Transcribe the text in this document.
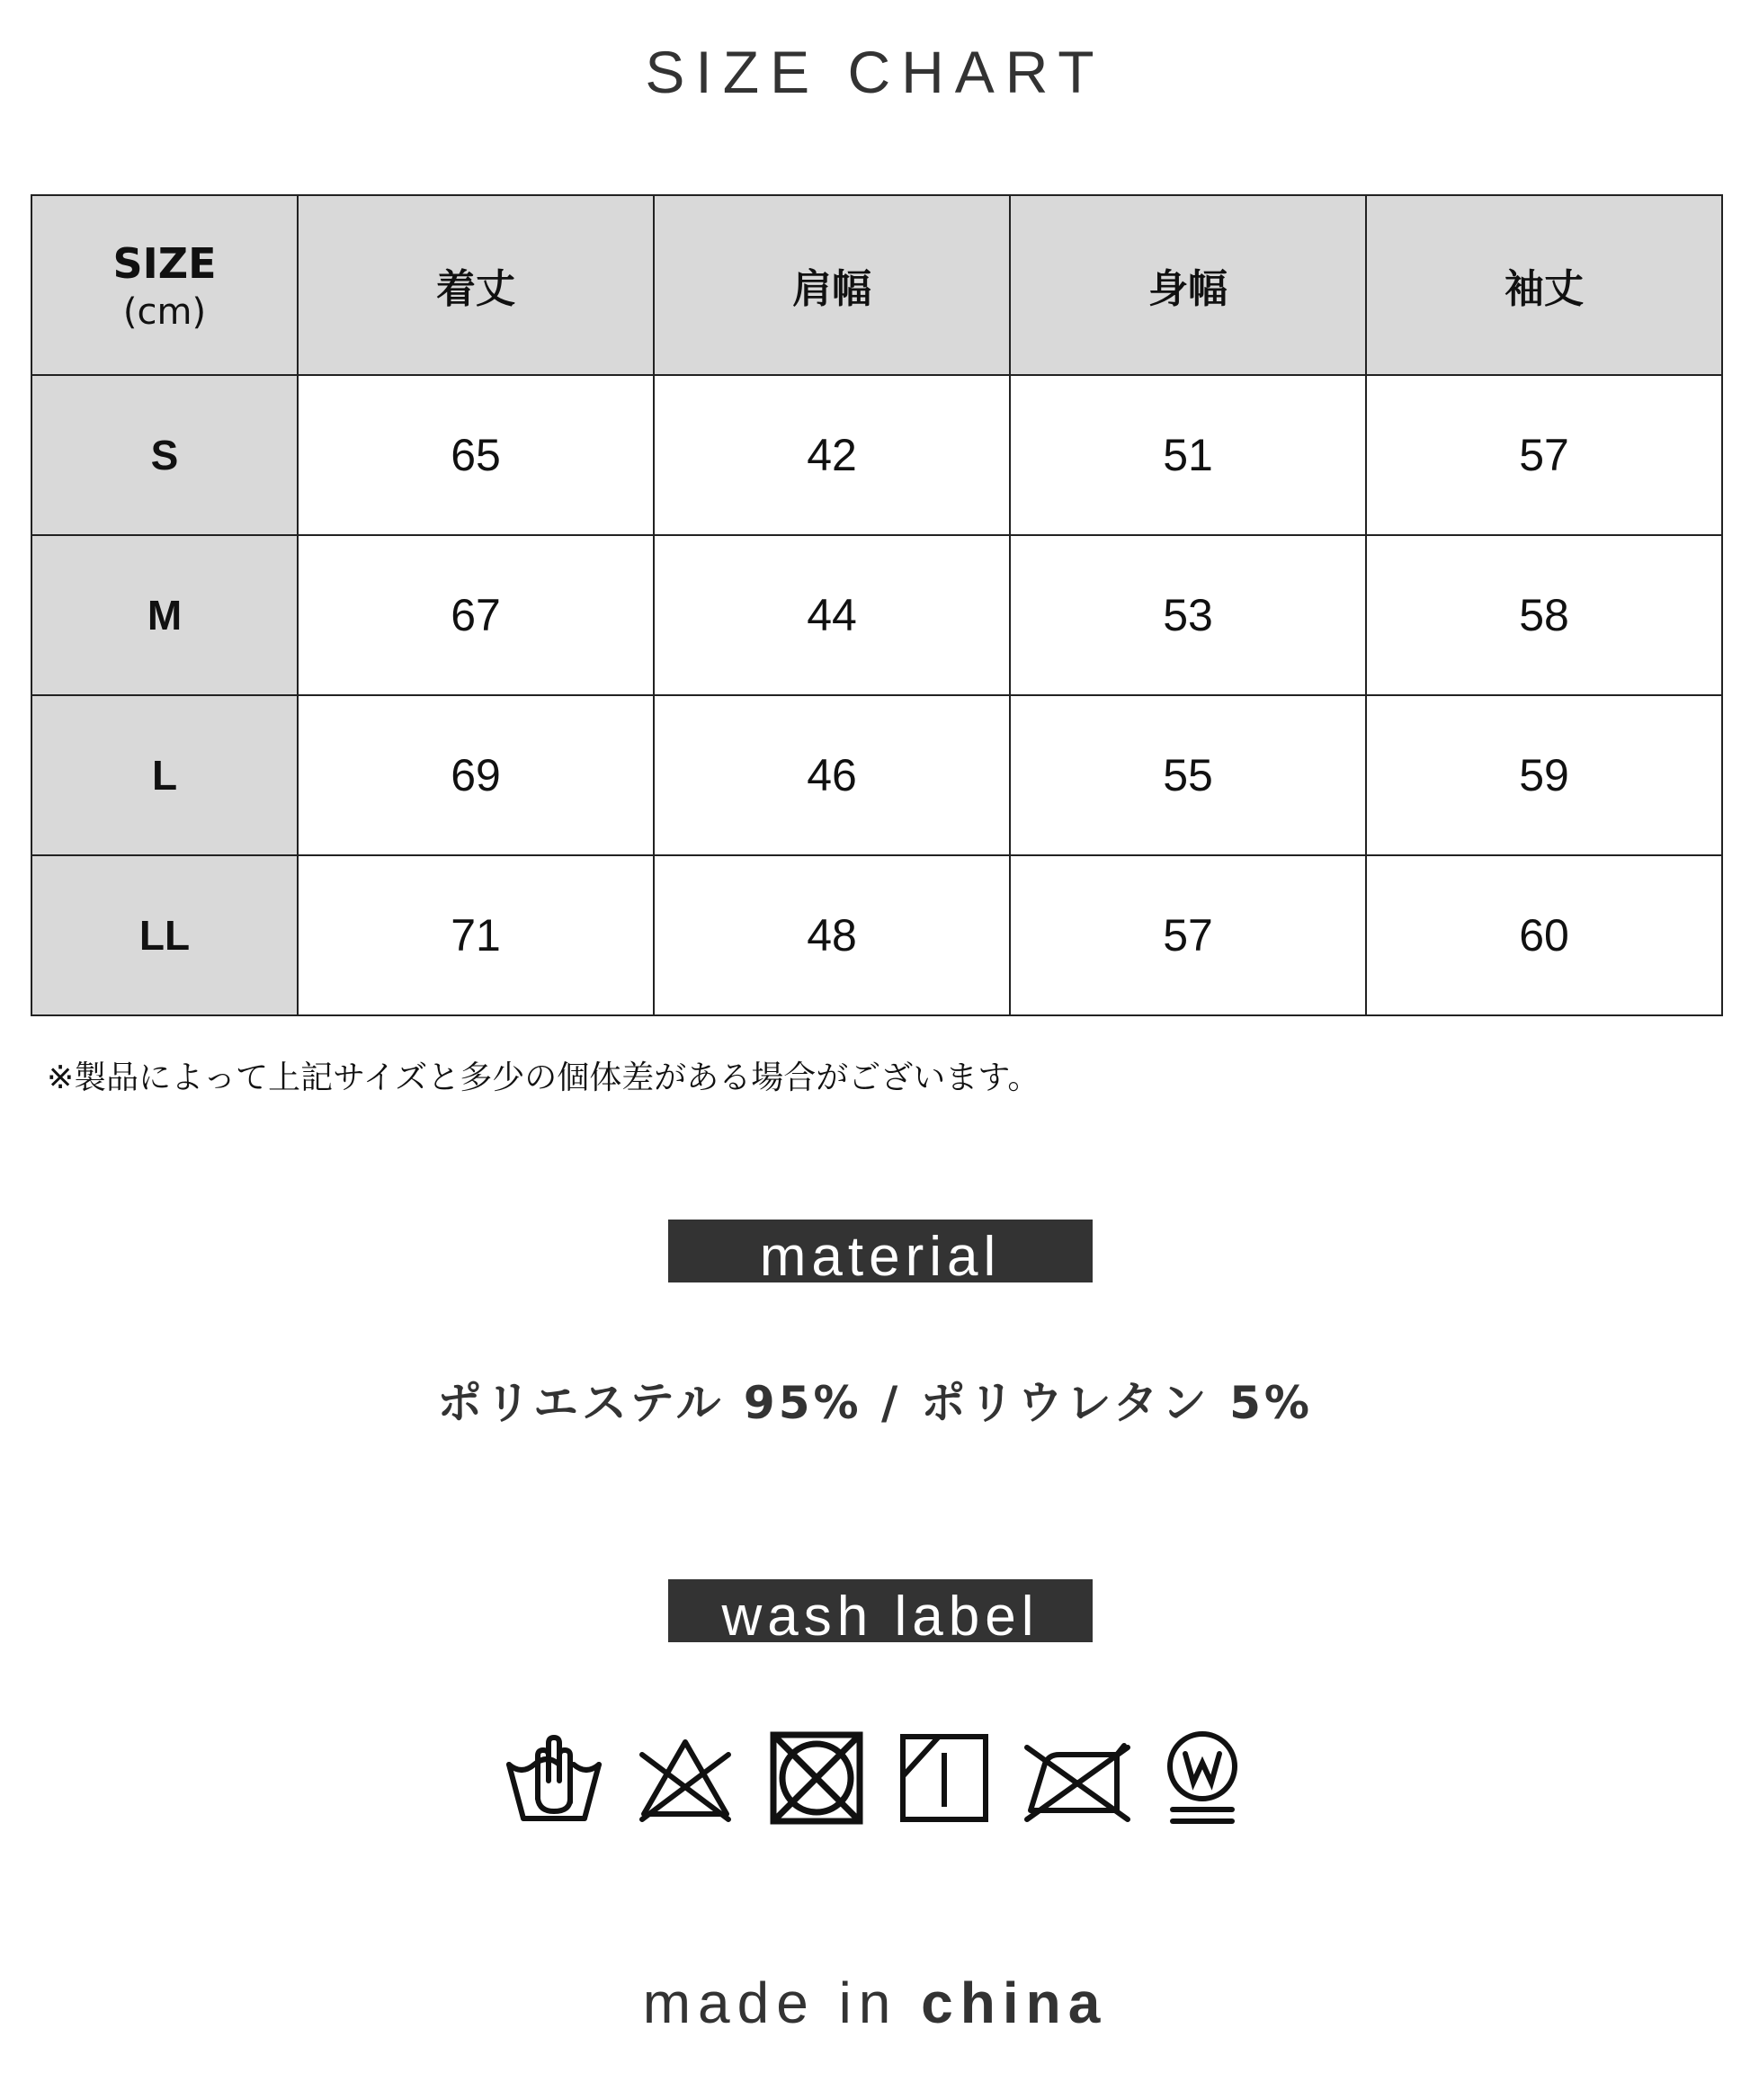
SIZE CHART
SIZE
(cm)	着丈	肩幅	身幅	袖丈
S	65	42	51	57
M	67	44	53	58
L	69	46	55	59
LL	71	48	57	60
※製品によって上記サイズと多少の個体差がある場合がございます。
material
ポリエステル 95% / ポリウレタン 5%
wash label
made in china
